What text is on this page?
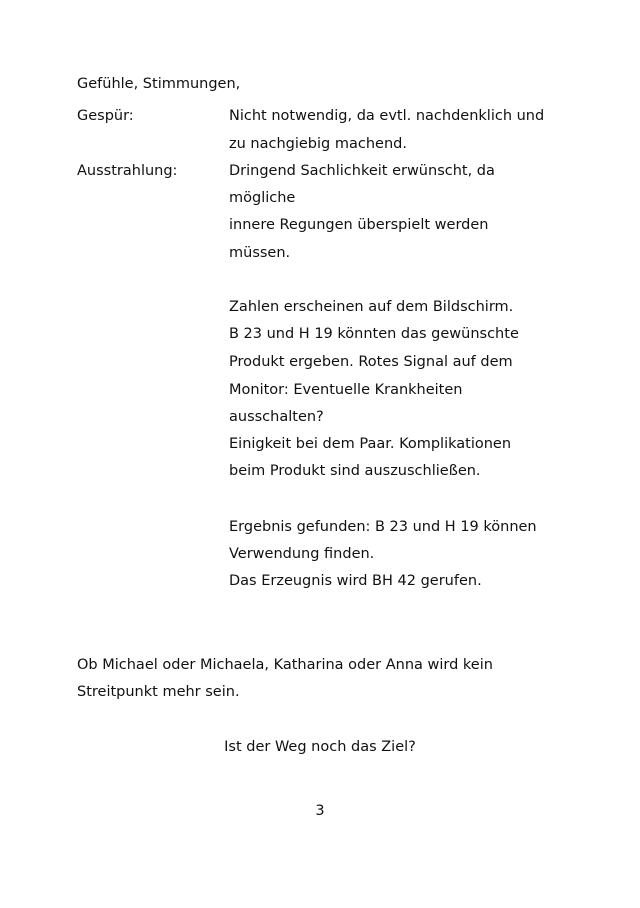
Gefühle, Stimmungen,
Gespür:	Nicht notwendig, da evtl. nachdenklich und
zu nachgiebig machend.
Ausstrahlung:	Dringend Sachlichkeit erwünscht, da
mögliche
innere Regungen überspielt werden
müssen.
Zahlen erscheinen auf dem Bildschirm.
B 23 und H 19 könnten das gewünschte
Produkt ergeben. Rotes Signal auf dem
Monitor: Eventuelle Krankheiten
ausschalten?
Einigkeit bei dem Paar. Komplikationen
beim Produkt sind auszuschließen.
Ergebnis gefunden: B 23 und H 19 können
Verwendung finden.
Das Erzeugnis wird BH 42 gerufen.
Ob Michael oder Michaela, Katharina oder Anna wird kein
Streitpunkt mehr sein.
Ist der Weg noch das Ziel?
3
